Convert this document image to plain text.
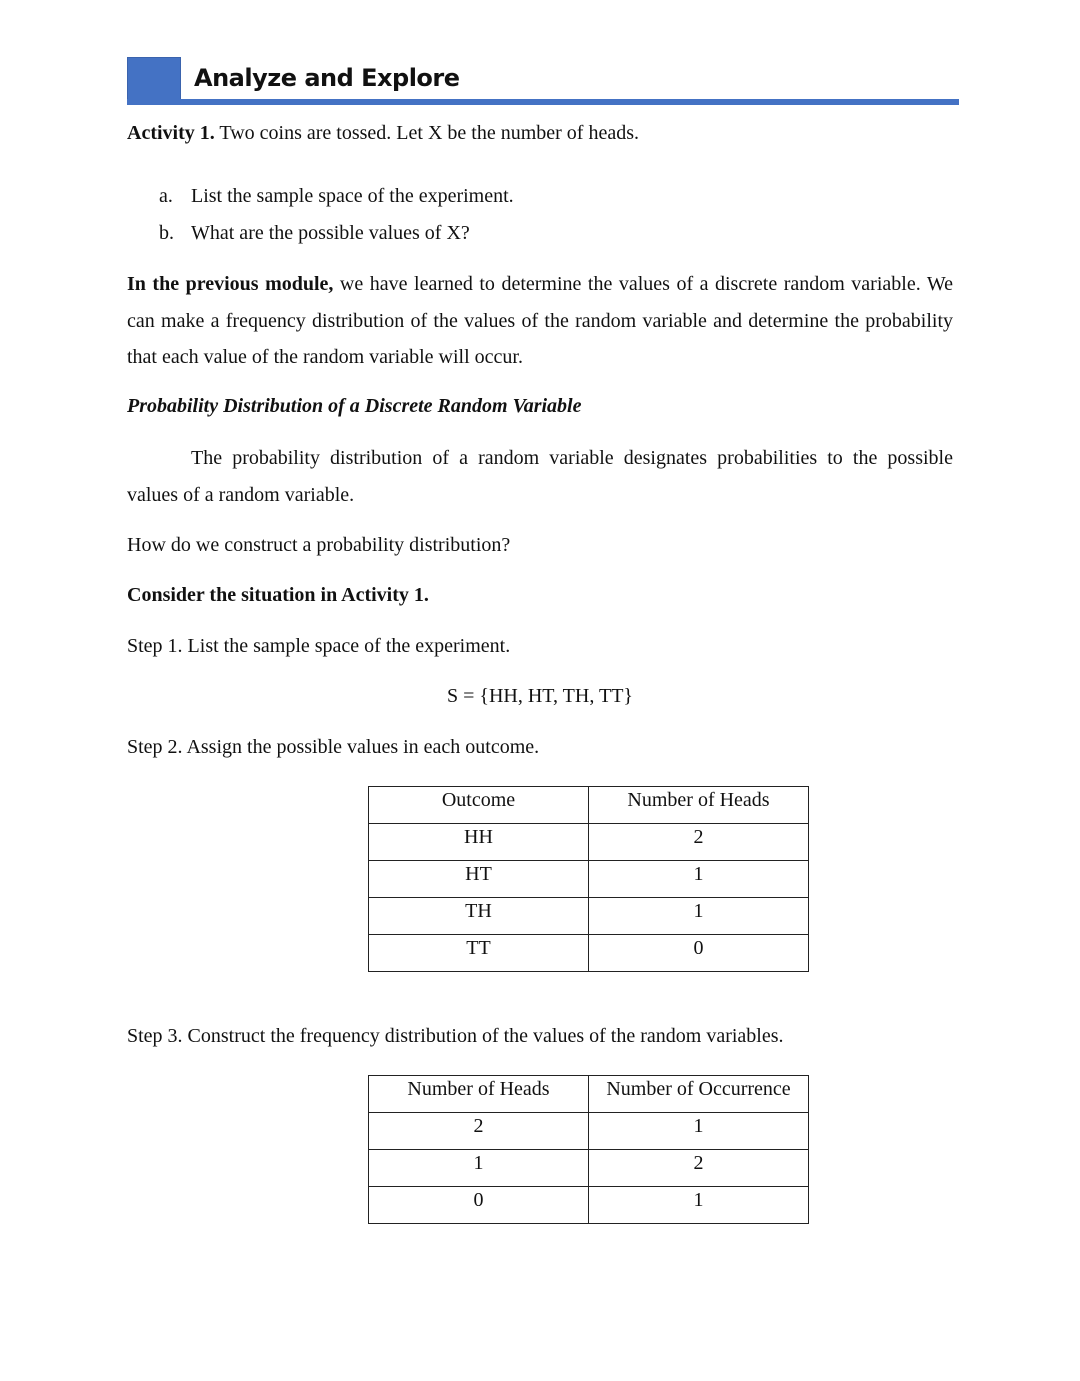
Analyze and Explore
Activity 1. Two coins are tossed. Let X be the number of heads.
a. List the sample space of the experiment.
b. What are the possible values of X?
In the previous module, we have learned to determine the values of a discrete random variable. We can make a frequency distribution of the values of the random variable and determine the probability that each value of the random variable will occur.
Probability Distribution of a Discrete Random Variable
The probability distribution of a random variable designates probabilities to the possible values of a random variable.
How do we construct a probability distribution?
Consider the situation in Activity 1.
Step 1. List the sample space of the experiment.
S = {HH, HT, TH, TT}
Step 2. Assign the possible values in each outcome.
Outcome	Number of Heads
HH	2
HT	1
TH	1
TT	0
Step 3. Construct the frequency distribution of the values of the random variables.
Number of Heads	Number of Occurrence
2	1
1	2
0	1
